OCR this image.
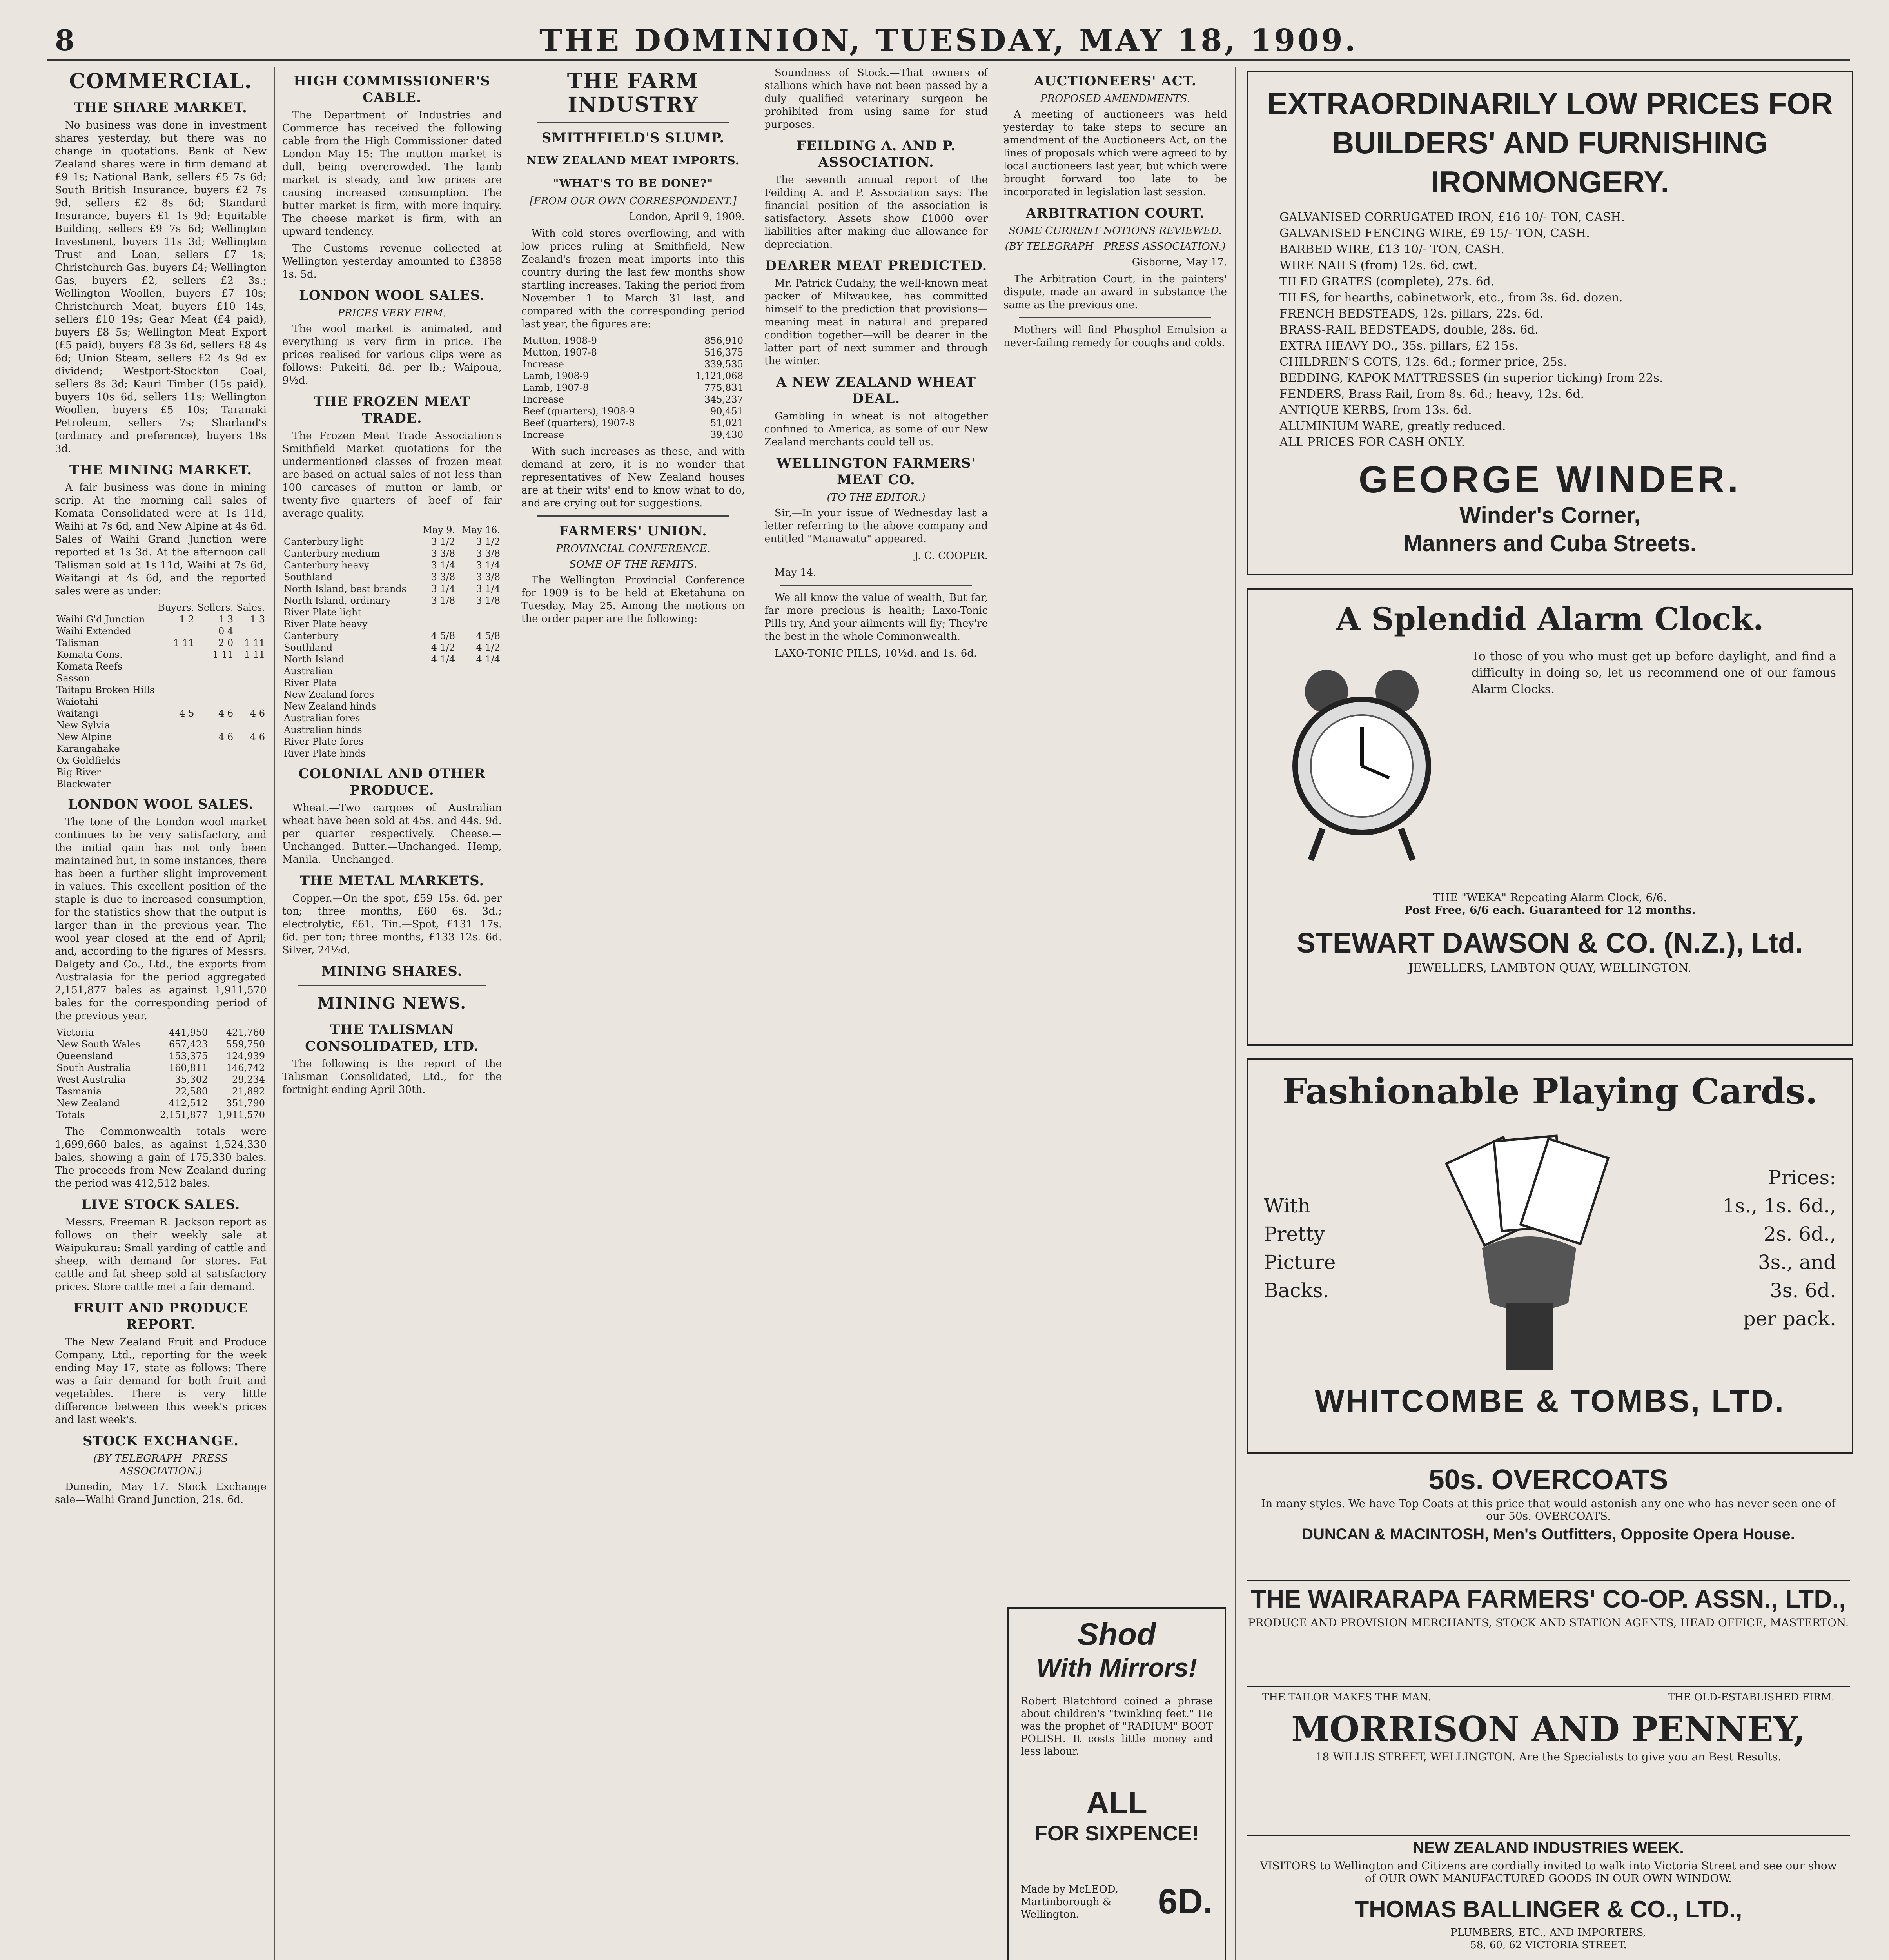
8	THE DOMINION, TUESDAY, MAY 18, 1909.
COMMERCIAL.
THE SHARE MARKET.

No business was done in investment shares yesterday, but there was no change in quotations. Bank of New Zealand shares were in firm demand at £9 1s; National Bank, sellers £5 7s 6d; South British Insurance, buyers £2 7s 9d, sellers £2 8s 6d; Standard Insurance, buyers £1 1s 9d; Equitable Building, sellers £9 7s 6d; Wellington Investment, buyers 11s 3d; Wellington Trust and Loan, sellers £7 1s; Christchurch Gas, buyers £4; Wellington Gas, buyers £2, sellers £2 3s.; Wellington Woollen, buyers £7 10s; Christchurch Meat, buyers £10 14s, sellers £10 19s; Gear Meat (£4 paid), buyers £8 5s; Wellington Meat Export (£5 paid), buyers £8 3s 6d, sellers £8 4s 6d; Union Steam, sellers £2 4s 9d ex dividend; Westport-Stockton Coal, sellers 8s 3d; Kauri Timber (15s paid), buyers 10s 6d, sellers 11s; Wellington Woollen, buyers £5 10s; Taranaki Petroleum, sellers 7s; Sharland's (ordinary and preference), buyers 18s 3d.

THE MINING MARKET.

A fair business was done in mining scrip. At the morning call sales of Komata Consolidated were at 1s 11d, Waihi at 7s 6d, and New Alpine at 4s 6d. Sales of Waihi Grand Junction were reported at 1s 3d. At the afternoon call Talisman sold at 1s 11d, Waihi at 7s 6d, Waitangi at 4s 6d, and the reported sales were as under:

	Buyers.	Sellers.	Sales.
Waihi G'd Junction	1 2	1 3	1 3
Waihi Extended		0 4	
Talisman	1 11	2 0	1 11
Komata Cons.		1 11	1 11
Komata Reefs			
Sasson			
Taitapu Broken Hills			
Waiotahi			
Waitangi	4 5	4 6	4 6
New Sylvia			
New Alpine		4 6	4 6
Karangahake			
Ox Goldfields			
Big River			
Blackwater			
LONDON WOOL SALES.

The tone of the London wool market continues to be very satisfactory, and the initial gain has not only been maintained but, in some instances, there has been a further slight improvement in values. This excellent position of the staple is due to increased consumption, for the statistics show that the output is larger than in the previous year. The wool year closed at the end of April; and, according to the figures of Messrs. Dalgety and Co., Ltd., the exports from Australasia for the period aggregated 2,151,877 bales as against 1,911,570 bales for the corresponding period of the previous year.

Victoria	441,950	421,760
New South Wales	657,423	559,750
Queensland	153,375	124,939
South Australia	160,811	146,742
West Australia	35,302	29,234
Tasmania	22,580	21,892
New Zealand	412,512	351,790
Totals	2,151,877	1,911,570

The Commonwealth totals were 1,699,660 bales, as against 1,524,330 bales, showing a gain of 175,330 bales. The proceeds from New Zealand during the period was 412,512 bales.

LIVE STOCK SALES.

Messrs. Freeman R. Jackson report as follows on their weekly sale at Waipukurau: Small yarding of cattle and sheep, with demand for stores. Fat cattle and fat sheep sold at satisfactory prices. Store cattle met a fair demand.

FRUIT AND PRODUCE REPORT.

The New Zealand Fruit and Produce Company, Ltd., reporting for the week ending May 17, state as follows: There was a fair demand for both fruit and vegetables. There is very little difference between this week's prices and last week's.

STOCK EXCHANGE.
(BY TELEGRAPH—PRESS ASSOCIATION.)

Dunedin, May 17. Stock Exchange sale—Waihi Grand Junction, 21s. 6d.

HIGH COMMISSIONER'S CABLE.

The Department of Industries and Commerce has received the following cable from the High Commissioner dated London May 15: The mutton market is dull, being overcrowded. The lamb market is steady, and low prices are causing increased consumption. The butter market is firm, with more inquiry. The cheese market is firm, with an upward tendency.

The Customs revenue collected at Wellington yesterday amounted to £3858 1s. 5d.

LONDON WOOL SALES.
PRICES VERY FIRM.

The wool market is animated, and everything is very firm in price. The prices realised for various clips were as follows: Pukeiti, 8d. per lb.; Waipoua, 9½d.

THE FROZEN MEAT TRADE.

The Frozen Meat Trade Association's Smithfield Market quotations for the undermentioned classes of frozen meat are based on actual sales of not less than 100 carcases of mutton or lamb, or twenty-five quarters of beef of fair average quality.

	May 9.	May 16.
Canterbury light	3 1/2	3 1/2
Canterbury medium	3 3/8	3 3/8
Canterbury heavy	3 1/4	3 1/4
Southland	3 3/8	3 3/8
North Island, best brands	3 1/4	3 1/4
North Island, ordinary	3 1/8	3 1/8
River Plate light		
River Plate heavy		
Canterbury	4 5/8	4 5/8
Southland	4 1/2	4 1/2
North Island	4 1/4	4 1/4
Australian		
River Plate		
New Zealand fores		
New Zealand hinds		
Australian fores		
Australian hinds		
River Plate fores		
River Plate hinds		
COLONIAL AND OTHER PRODUCE.

Wheat.—Two cargoes of Australian wheat have been sold at 45s. and 44s. 9d. per quarter respectively. Cheese.—Unchanged. Butter.—Unchanged. Hemp, Manila.—Unchanged.

THE METAL MARKETS.

Copper.—On the spot, £59 15s. 6d. per ton; three months, £60 6s. 3d.; electrolytic, £61. Tin.—Spot, £131 17s. 6d. per ton; three months, £133 12s. 6d. Silver, 24½d.

MINING SHARES.
MINING NEWS.
THE TALISMAN CONSOLIDATED, LTD.

The following is the report of the Talisman Consolidated, Ltd., for the fortnight ending April 30th.

THE FARM INDUSTRY
SMITHFIELD'S SLUMP.
NEW ZEALAND MEAT IMPORTS.
"WHAT'S TO BE DONE?"
[FROM OUR OWN CORRESPONDENT.]

London, April 9, 1909.

With cold stores overflowing, and with low prices ruling at Smithfield, New Zealand's frozen meat imports into this country during the last few months show startling increases. Taking the period from November 1 to March 31 last, and compared with the corresponding period last year, the figures are:

Mutton, 1908-9	856,910
Mutton, 1907-8	516,375
Increase	339,535
Lamb, 1908-9	1,121,068
Lamb, 1907-8	775,831
Increase	345,237
Beef (quarters), 1908-9	90,451
Beef (quarters), 1907-8	51,021
Increase	39,430

With such increases as these, and with demand at zero, it is no wonder that representatives of New Zealand houses are at their wits' end to know what to do, and are crying out for suggestions.

FARMERS' UNION.
PROVINCIAL CONFERENCE.
SOME OF THE REMITS.

The Wellington Provincial Conference for 1909 is to be held at Eketahuna on Tuesday, May 25. Among the motions on the order paper are the following:

Soundness of Stock.—That owners of stallions which have not been passed by a duly qualified veterinary surgeon be prohibited from using same for stud purposes.

FEILDING A. AND P. ASSOCIATION.

The seventh annual report of the Feilding A. and P. Association says: The financial position of the association is satisfactory. Assets show £1000 over liabilities after making due allowance for depreciation.

DEARER MEAT PREDICTED.

Mr. Patrick Cudahy, the well-known meat packer of Milwaukee, has committed himself to the prediction that provisions—meaning meat in natural and prepared condition together—will be dearer in the latter part of next summer and through the winter.

A NEW ZEALAND WHEAT DEAL.

Gambling in wheat is not altogether confined to America, as some of our New Zealand merchants could tell us.

WELLINGTON FARMERS' MEAT CO.
(TO THE EDITOR.)

Sir,—In your issue of Wednesday last a letter referring to the above company and entitled "Manawatu" appeared.

J. C. COOPER.

May 14.

We all know the value of wealth, But far, far more precious is health; Laxo-Tonic Pills try, And your ailments will fly; They're the best in the whole Commonwealth.

LAXO-TONIC PILLS, 10½d. and 1s. 6d.

AUCTIONEERS' ACT.
PROPOSED AMENDMENTS.

A meeting of auctioneers was held yesterday to take steps to secure an amendment of the Auctioneers Act, on the lines of proposals which were agreed to by local auctioneers last year, but which were brought forward too late to be incorporated in legislation last session.

ARBITRATION COURT.
SOME CURRENT NOTIONS REVIEWED.
(BY TELEGRAPH—PRESS ASSOCIATION.)

Gisborne, May 17.

The Arbitration Court, in the painters' dispute, made an award in substance the same as the previous one.

Mothers will find Phosphol Emulsion a never-failing remedy for coughs and colds.

Shod
With Mirrors!
Robert Blatchford coined a phrase about children's "twinkling feet." He was the prophet of "RADIUM" BOOT POLISH. It costs little money and less labour.
ALL
FOR SIXPENCE!
Made by McLEOD, Martinborough & Wellington.	6D.
EXTRAORDINARILY LOW PRICES FOR
BUILDERS' AND FURNISHING IRONMONGERY.
GALVANISED CORRUGATED IRON, £16 10/- TON, CASH.
GALVANISED FENCING WIRE, £9 15/- TON, CASH.
BARBED WIRE, £13 10/- TON, CASH.
WIRE NAILS (from) 12s. 6d. cwt.
TILED GRATES (complete), 27s. 6d.
TILES, for hearths, cabinetwork, etc., from 3s. 6d. dozen.
FRENCH BEDSTEADS, 12s. pillars, 22s. 6d.
BRASS-RAIL BEDSTEADS, double, 28s. 6d.
EXTRA HEAVY DO., 35s. pillars, £2 15s.
CHILDREN'S COTS, 12s. 6d.; former price, 25s.
BEDDING, KAPOK MATTRESSES (in superior ticking) from 22s.
FENDERS, Brass Rail, from 8s. 6d.; heavy, 12s. 6d.
ANTIQUE KERBS, from 13s. 6d.
ALUMINIUM WARE, greatly reduced.
ALL PRICES FOR CASH ONLY.
GEORGE WINDER.
Winder's Corner,
Manners and Cuba Streets.
A Splendid Alarm Clock.
To those of you who must get up before daylight, and find a difficulty in doing so, let us recommend one of our famous Alarm Clocks.
THE "WEKA" Repeating Alarm Clock, 6/6.
Post Free, 6/6 each. Guaranteed for 12 months.
STEWART DAWSON & CO. (N.Z.), Ltd.
JEWELLERS, LAMBTON QUAY, WELLINGTON.
Fashionable Playing Cards.
With
Pretty
Picture
Backs.
Prices:
1s., 1s. 6d.,
2s. 6d.,
3s., and
3s. 6d.
per pack.
WHITCOMBE & TOMBS, LTD.
50s. OVERCOATS
In many styles. We have Top Coats at this price that would astonish any one who has never seen one of our 50s. OVERCOATS.
DUNCAN & MACINTOSH, Men's Outfitters, Opposite Opera House.
THE WAIRARAPA FARMERS' CO-OP. ASSN., LTD.,
PRODUCE AND PROVISION MERCHANTS, STOCK AND STATION AGENTS, HEAD OFFICE, MASTERTON.
THE TAILOR MAKES THE MAN.	THE OLD-ESTABLISHED FIRM.
MORRISON AND PENNEY,
18 WILLIS STREET, WELLINGTON. Are the Specialists to give you an Best Results.
NEW ZEALAND INDUSTRIES WEEK.
VISITORS to Wellington and Citizens are cordially invited to walk into Victoria Street and see our show of OUR OWN MANUFACTURED GOODS IN OUR OWN WINDOW.
THOMAS BALLINGER & CO., LTD.,
PLUMBERS, ETC., AND IMPORTERS,
58, 60, 62 VICTORIA STREET.
